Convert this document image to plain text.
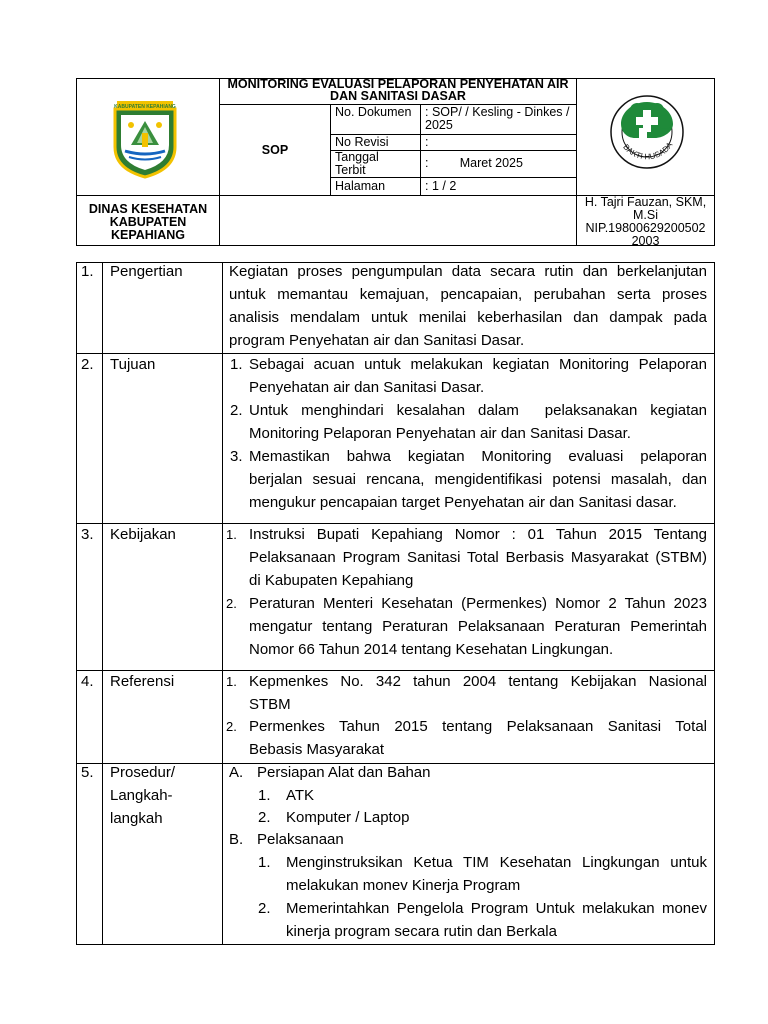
MONITORING EVALUASI PELAPORAN PENYEHATAN AIR DAN SANITASI DASAR
SOP
No. Dokumen : SOP/ / Kesling - Dinkes / 2025
No Revisi	:
Tanggal Terbit	:         Maret 2025
Halaman	: 1 / 2
DINAS KESEHATAN KABUPATEN KEPAHIANG
H. Tajri Fauzan, SKM, M.Si
NIP.19800629200502 2003
KABUPATEN KEPAHIANG
BAKTI HUSADA
1. Pengertian	Kegiatan proses pengumpulan data secara rutin dan berkelanjutan
untuk memantau kemajuan, pencapaian, perubahan serta proses
analisis mendalam untuk menilai keberhasilan dan dampak pada
program Penyehatan air dan Sanitasi Dasar.
2. Tujuan	1. Sebagai acuan untuk melakukan kegiatan Monitoring Pelaporan
Penyehatan air dan Sanitasi Dasar.
2. Untuk menghindari kesalahan dalam  pelaksanakan kegiatan
Monitoring Pelaporan Penyehatan air dan Sanitasi Dasar.
3. Memastikan bahwa kegiatan Monitoring evaluasi pelaporan
berjalan sesuai rencana, mengidentifikasi potensi masalah, dan
mengukur pencapaian target Penyehatan air dan Sanitasi dasar.
3. Kebijakan	1. Instruksi Bupati Kepahiang Nomor : 01 Tahun 2015 Tentang
Pelaksanaan Program Sanitasi Total Berbasis Masyarakat (STBM)
di Kabupaten Kepahiang
2. Peraturan Menteri Kesehatan (Permenkes) Nomor 2 Tahun 2023
mengatur tentang Peraturan Pelaksanaan Peraturan Pemerintah
Nomor 66 Tahun 2014 tentang Kesehatan Lingkungan.
4. Referensi	1. Kepmenkes No. 342 tahun 2004 tentang Kebijakan Nasional
STBM
2. Permenkes Tahun 2015 tentang Pelaksanaan Sanitasi Total
Bebasis Masyarakat
5. Prosedur/
Langkah-
langkah
A. Persiapan Alat dan Bahan
1. ATK
2. Komputer / Laptop
B. Pelaksanaan
1. Menginstruksikan Ketua TIM Kesehatan Lingkungan untuk
melakukan monev Kinerja Program
2. Memerintahkan Pengelola Program Untuk melakukan monev
kinerja program secara rutin dan Berkala
